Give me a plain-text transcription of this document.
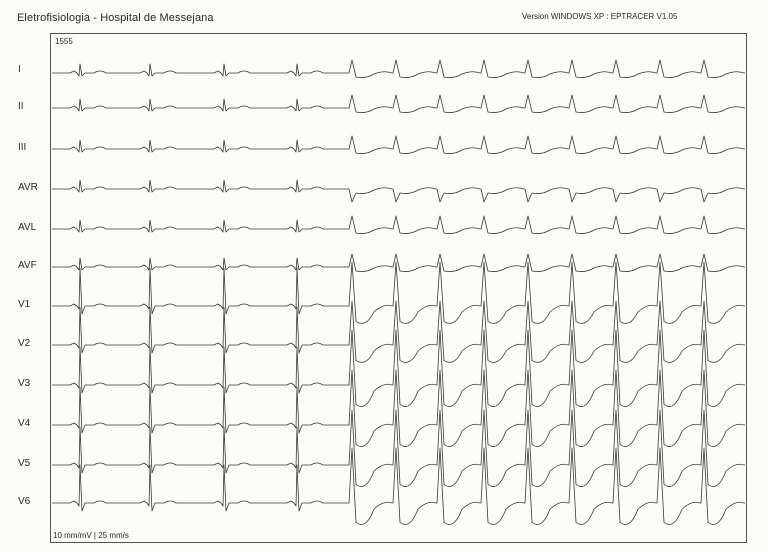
Eletrofisiologia - Hospital de Messejana	Version WINDOWS XP : EPTRACER V1.05
1555
I
II
III
AVR
AVL
AVF
V1
V2
V3
V4
V5
V6
10 mm/mV | 25 mm/s
